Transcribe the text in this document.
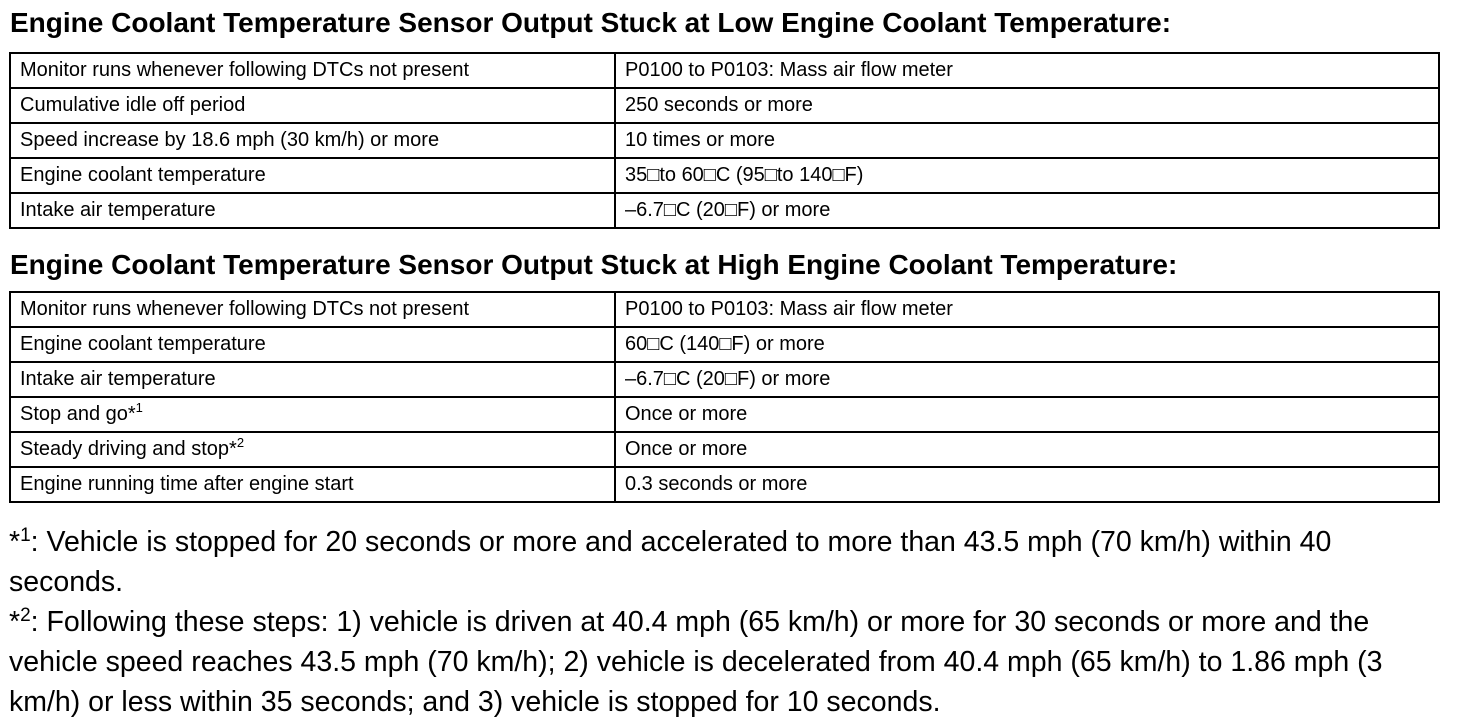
Engine Coolant Temperature Sensor Output Stuck at Low Engine Coolant Temperature:
Monitor runs whenever following DTCs not present	P0100 to P0103: Mass air flow meter
Cumulative idle off period	250 seconds or more
Speed increase by 18.6 mph (30 km/h) or more	10 times or more
Engine coolant temperature	35□to 60□C (95□to 140□F)
Intake air temperature	–6.7□C (20□F) or more
Engine Coolant Temperature Sensor Output Stuck at High Engine Coolant Temperature:
Monitor runs whenever following DTCs not present	P0100 to P0103: Mass air flow meter
Engine coolant temperature	60□C (140□F) or more
Intake air temperature	–6.7□C (20□F) or more
Stop and go*$^1$	Once or more
Steady driving and stop*$^2$	Once or more
Engine running time after engine start	0.3 seconds or more

*$^1$: Vehicle is stopped for 20 seconds or more and accelerated to more than 43.5 mph (70 km/h) within 40 seconds.

*$^2$: Following these steps: 1) vehicle is driven at 40.4 mph (65 km/h) or more for 30 seconds or more and the vehicle speed reaches 43.5 mph (70 km/h); 2) vehicle is decelerated from 40.4 mph (65 km/h) to 1.86 mph (3 km/h) or less within 35 seconds; and 3) vehicle is stopped for 10 seconds.
